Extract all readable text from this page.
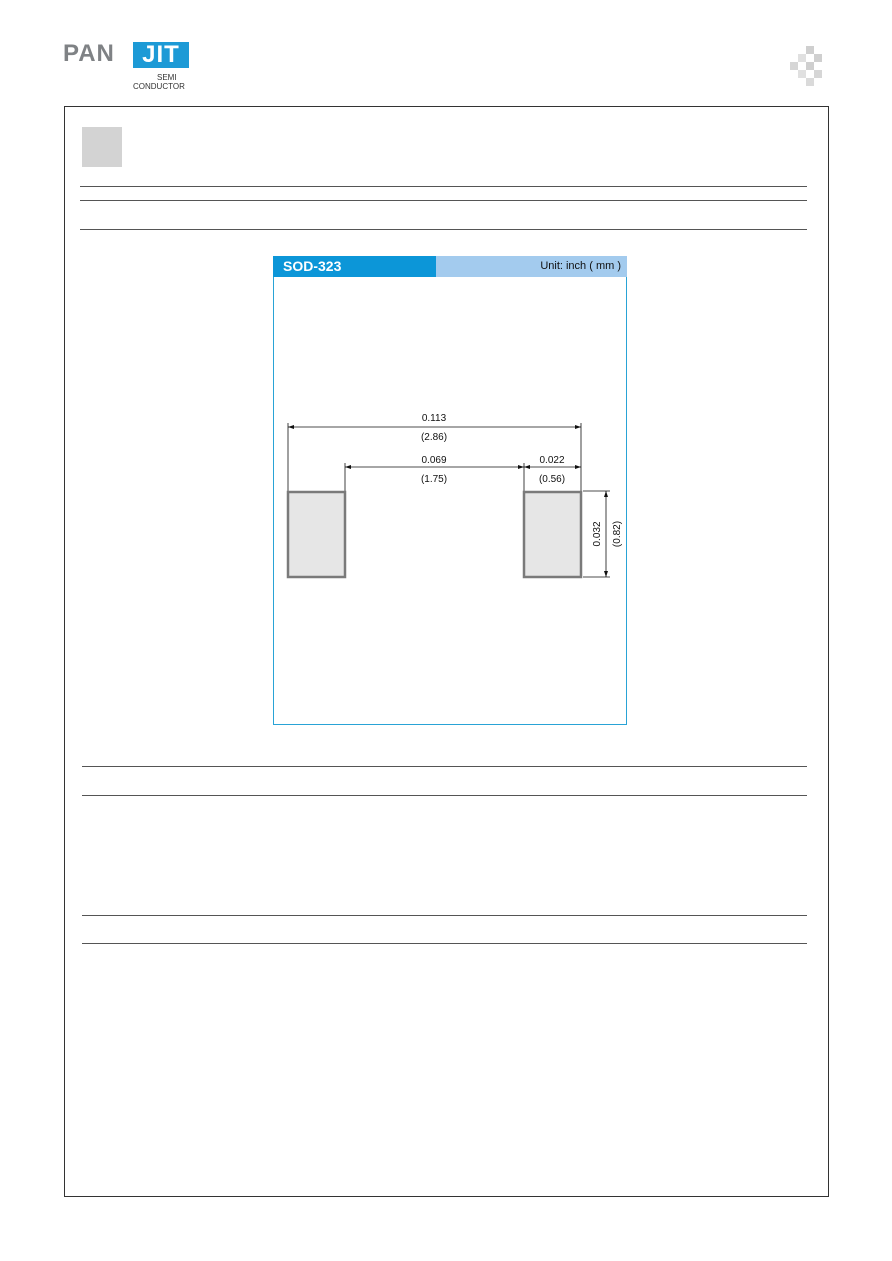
PAN	JIT
SEMI
CONDUCTOR
SOD-323	Unit: inch ( mm )
0.113
(2.86)
0.069
(1.75)
0.022
(0.56)
0.032 (0.82)
